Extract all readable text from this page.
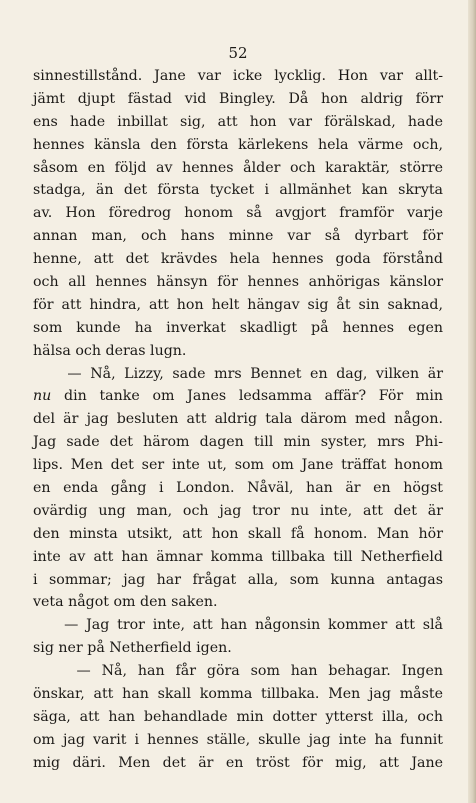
52
sinnestillstånd. Jane var icke lycklig. Hon var allt-
jämt djupt fästad vid Bingley. Då hon aldrig förr
ens hade inbillat sig, att hon var förälskad, hade
hennes känsla den första kärlekens hela värme och,
såsom en följd av hennes ålder och karaktär, större
stadga, än det första tycket i allmänhet kan skryta
av. Hon föredrog honom så avgjort framför varje
annan man, och hans minne var så dyrbart för
henne, att det krävdes hela hennes goda förstånd
och all hennes hänsyn för hennes anhörigas känslor
för att hindra, att hon helt hängav sig åt sin saknad,
som kunde ha inverkat skadligt på hennes egen
hälsa och deras lugn.
— Nå, Lizzy, sade mrs Bennet en dag, vilken är
nu din tanke om Janes ledsamma affär? För min
del är jag besluten att aldrig tala därom med någon.
Jag sade det härom dagen till min syster, mrs Phi-
lips. Men det ser inte ut, som om Jane träffat honom
en enda gång i London. Nåväl, han är en högst
ovärdig ung man, och jag tror nu inte, att det är
den minsta utsikt, att hon skall få honom. Man hör
inte av att han ämnar komma tillbaka till Netherfield
i sommar; jag har frågat alla, som kunna antagas
veta något om den saken.
— Jag tror inte, att han någonsin kommer att slå
sig ner på Netherfield igen.
— Nå, han får göra som han behagar. Ingen
önskar, att han skall komma tillbaka. Men jag måste
säga, att han behandlade min dotter ytterst illa, och
om jag varit i hennes ställe, skulle jag inte ha funnit
mig däri. Men det är en tröst för mig, att Jane
